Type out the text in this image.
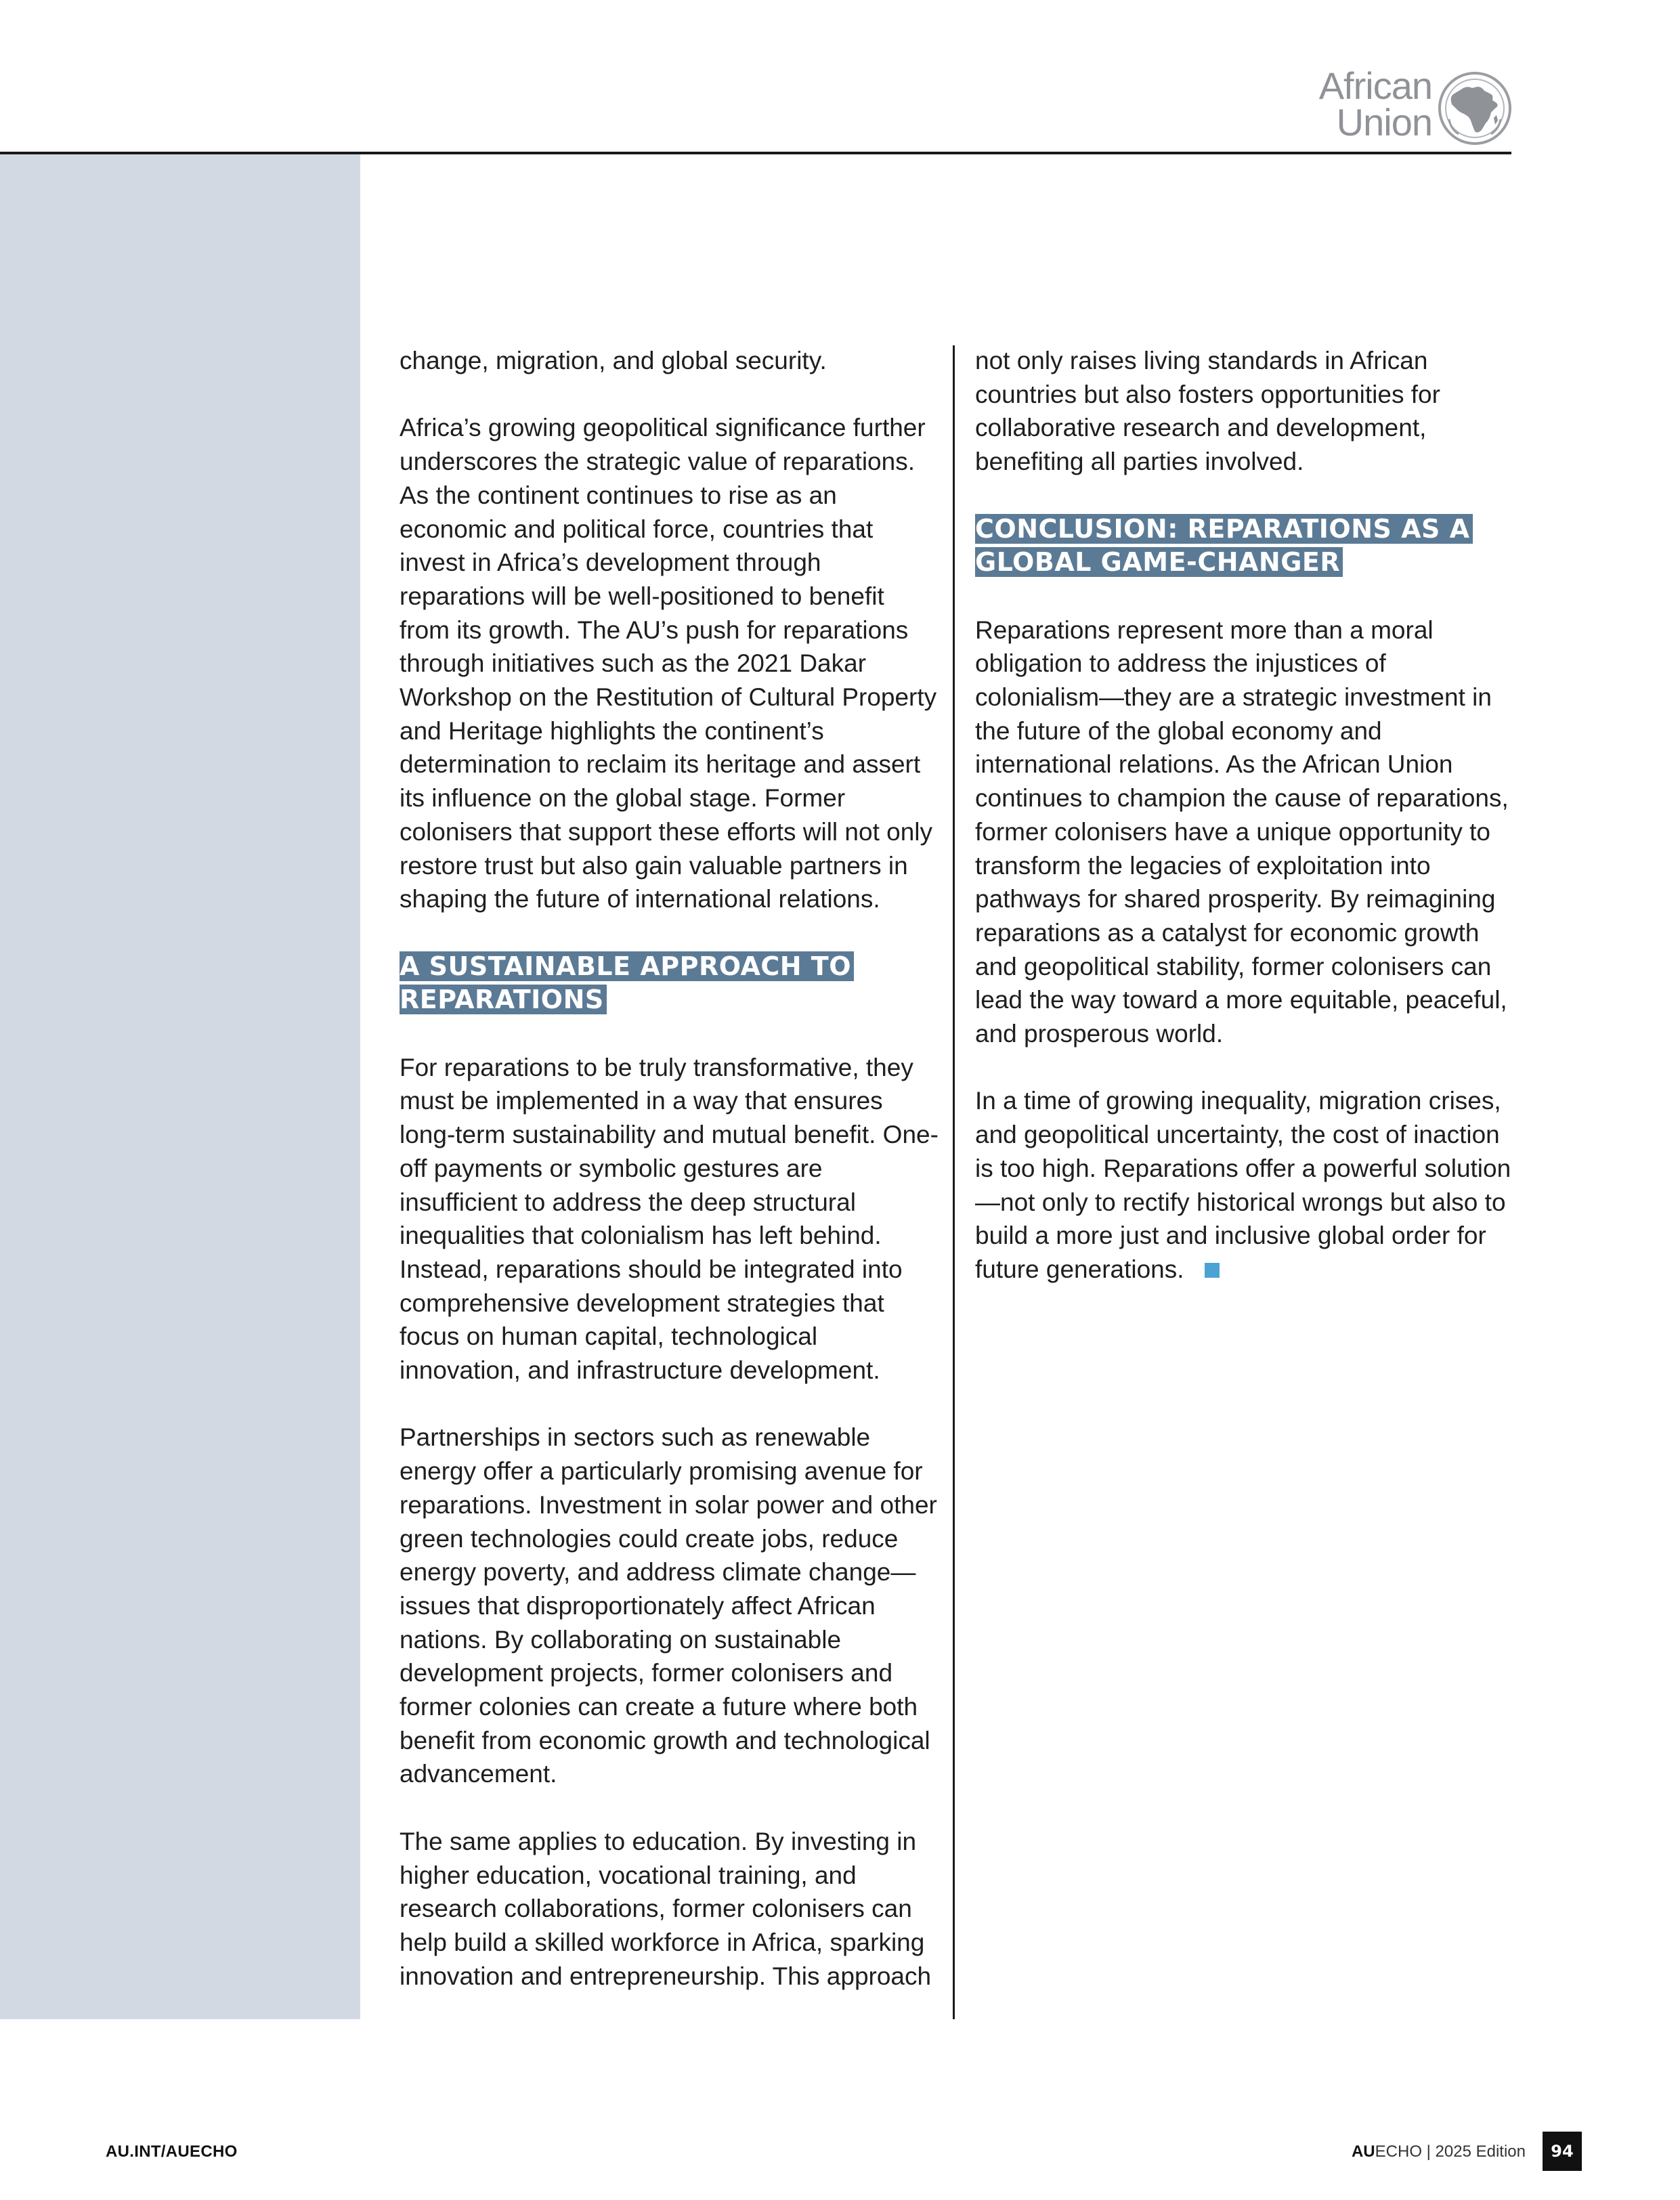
African
Union

change, migration, and global security.

Africa’s growing geopolitical significance further underscores the strategic value of reparations. As the continent continues to rise as an economic and political force, countries that invest in Africa’s development through reparations will be well-positioned to benefit from its growth. The AU’s push for reparations through initiatives such as the 2021 Dakar Workshop on the Restitution of Cultural Property and Heritage highlights the continent’s determination to reclaim its heritage and assert its influence on the global stage. Former colonisers that support these efforts will not only restore trust but also gain valuable partners in shaping the future of international relations.

A SUSTAINABLE APPROACH TO REPARATIONS

For reparations to be truly transformative, they must be implemented in a way that ensures long-term sustainability and mutual benefit. One-off payments or symbolic gestures are insufficient to address the deep structural inequalities that colonialism has left behind. Instead, reparations should be integrated into comprehensive development strategies that focus on human capital, technological innovation, and infrastructure development.

Partnerships in sectors such as renewable energy offer a particularly promising avenue for reparations. Investment in solar power and other green technologies could create jobs, reduce energy poverty, and address climate change—issues that disproportionately affect African nations. By collaborating on sustainable development projects, former colonisers and former colonies can create a future where both benefit from economic growth and technological advancement.

The same applies to education. By investing in higher education, vocational training, and research collaborations, former colonisers can help build a skilled workforce in Africa, sparking innovation and entrepreneurship. This approach

not only raises living standards in African countries but also fosters opportunities for collaborative research and development, benefiting all parties involved.

CONCLUSION: REPARATIONS AS A GLOBAL GAME-CHANGER

Reparations represent more than a moral obligation to address the injustices of colonialism—they are a strategic investment in the future of the global economy and international relations. As the African Union continues to champion the cause of reparations, former colonisers have a unique opportunity to transform the legacies of exploitation into pathways for shared prosperity. By reimagining reparations as a catalyst for economic growth and geopolitical stability, former colonisers can lead the way toward a more equitable, peaceful, and prosperous world.

In a time of growing inequality, migration crises, and geopolitical uncertainty, the cost of inaction is too high. Reparations offer a powerful solution—not only to rectify historical wrongs but also to build a more just and inclusive global order for future generations.

AU.INT/AUECHO	AUECHO | 2025 Edition	94
